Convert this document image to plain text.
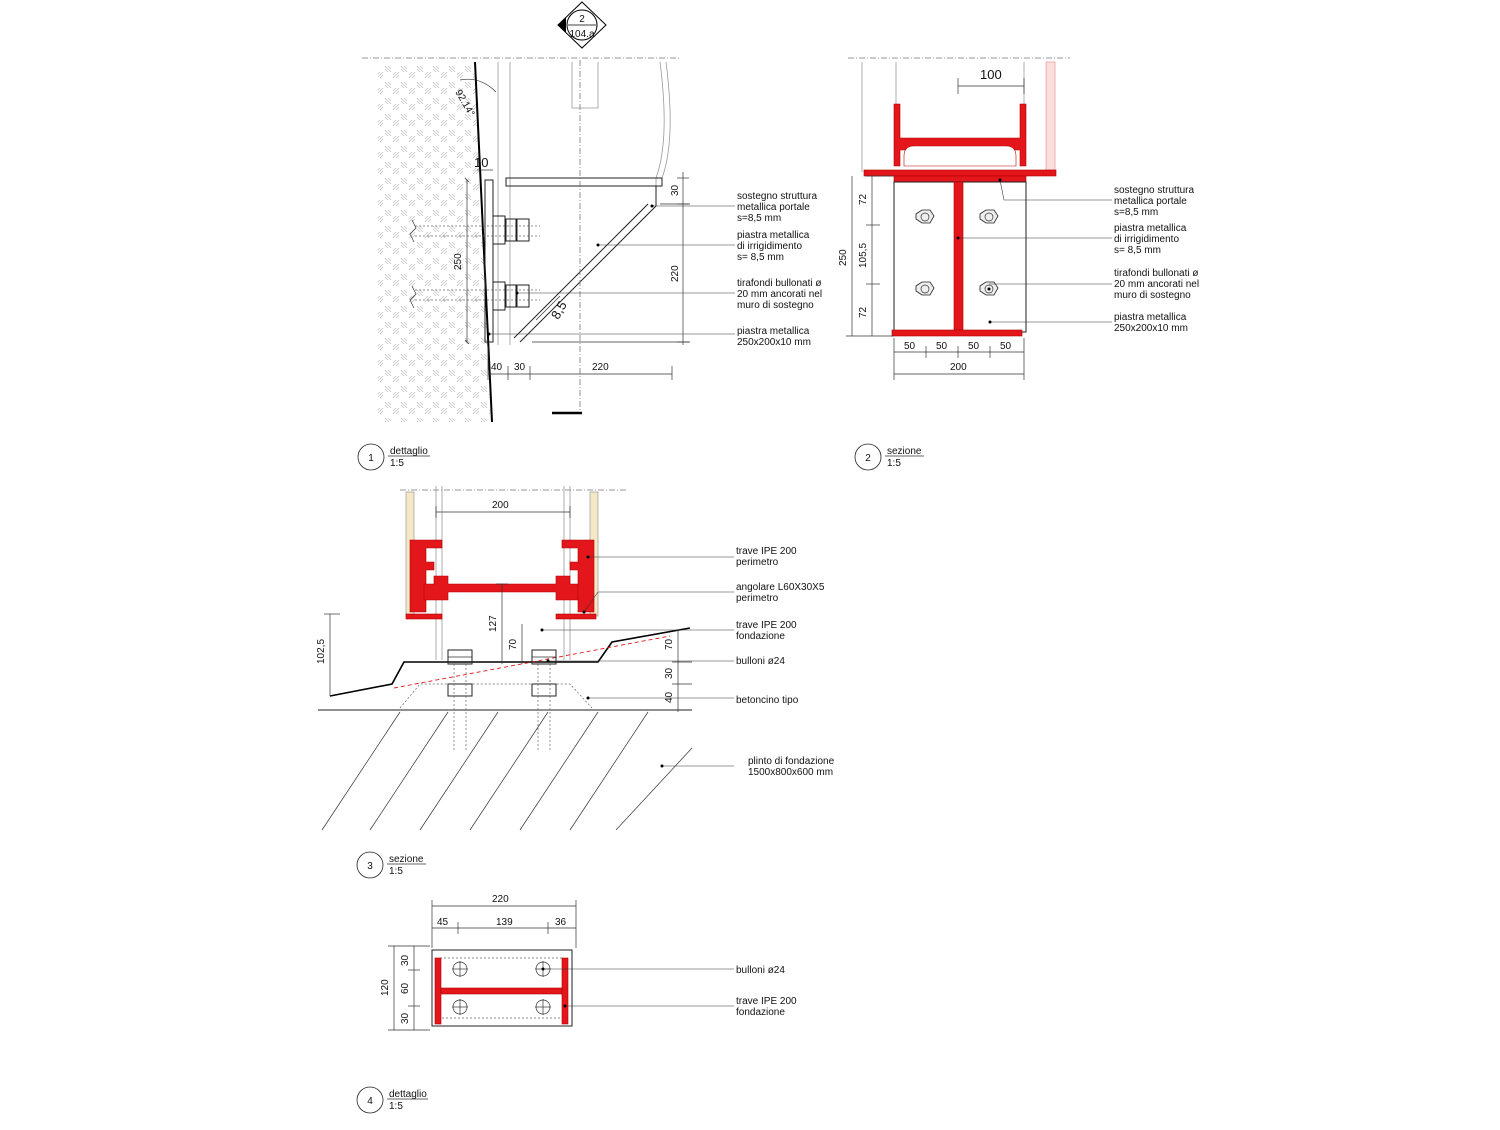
2
104.a
92.14°
10
250
30
220
8,5
40 30	220
sostegno struttura metallica portale s=8,5 mm
piastra metallica di irrigidimento s= 8,5 mm
tirafondi bullonati ø 20 mm ancorati nel muro di sostegno
piastra metallica 250x200x10 mm
1
dettaglio
1:5
100
72
105,5
72
250
50 50 50 50
200
sostegno struttura metallica portale s=8,5 mm
piastra metallica di irrigidimento s= 8,5 mm
tirafondi bullonati ø 20 mm ancorati nel muro di sostegno
piastra metallica 250x200x10 mm
2
sezione
1:5
200
127
70
102,5	70
30
40
trave IPE 200 perimetro
angolare L60X30X5 perimetro
trave IPE 200 fondazione
bulloni ø24
betoncino tipo
plinto di fondazione 1500x800x600 mm
3
sezione
1:5
220
45	139	36
120
30
60
30
bulloni ø24
trave IPE 200 fondazione
4
dettaglio
1:5
